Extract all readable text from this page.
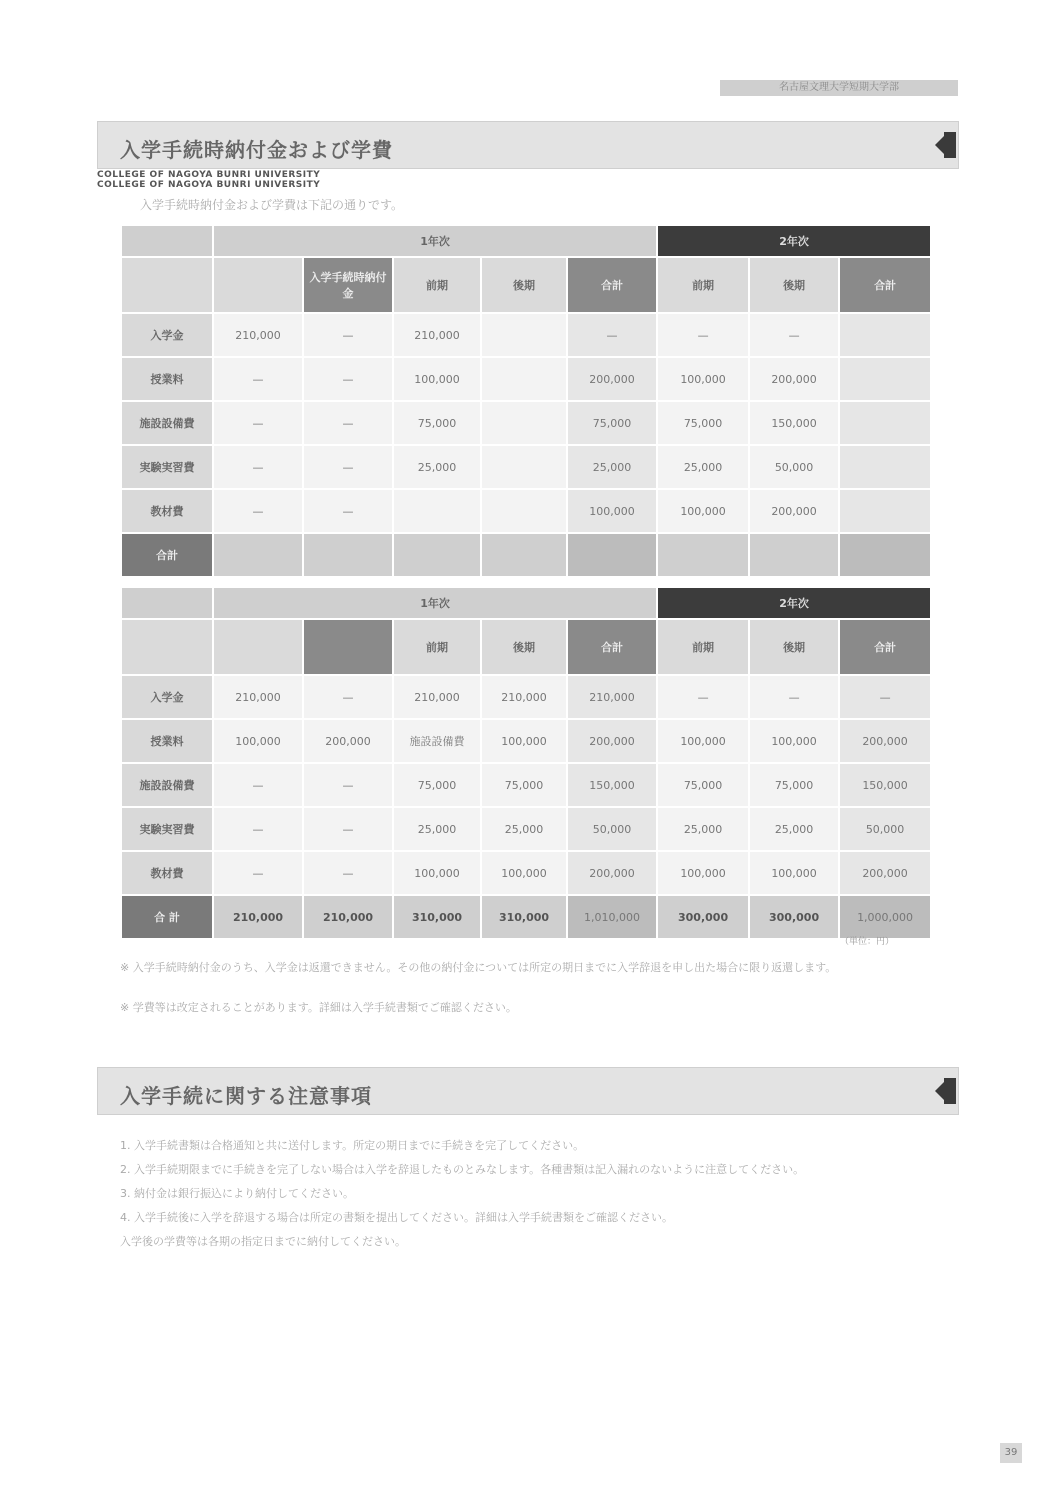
名古屋文理大学短期大学部
入学手続時納付金および学費
COLLEGE OF NAGOYA BUNRI UNIVERSITY
COLLEGE OF NAGOYA BUNRI UNIVERSITY
入学手続時納付金および学費は下記の通りです。
	1年次					2年次		
		入学手続時納付金	前期	後期	合計	前期	後期	合計
入学金	210,000	—	210,000		—	—	—	
授業料	—	—	100,000		200,000	100,000	200,000	
施設設備費	—	—	75,000		75,000	75,000	150,000	
実験実習費	—	—	25,000		25,000	25,000	50,000	
教材費	—	—			100,000	100,000	200,000	
合計								
	1年次					2年次		
			前期	後期	合計	前期	後期	合計
入学金	210,000	—	210,000	210,000	210,000	—	—	—
授業料	100,000	200,000	施設設備費	100,000	200,000	100,000	100,000	200,000
施設設備費	—	—	75,000	75,000	150,000	75,000	75,000	150,000
実験実習費	—	—	25,000	25,000	50,000	25,000	25,000	50,000
教材費	—	—	100,000	100,000	200,000	100,000	100,000	200,000
合 計	210,000	210,000	310,000	310,000	1,010,000	300,000	300,000	1,000,000
（単位：円）
※ 入学手続時納付金のうち、入学金は返還できません。その他の納付金については所定の期日までに入学辞退を申し出た場合に限り返還します。
※ 学費等は改定されることがあります。詳細は入学手続書類でご確認ください。
入学手続に関する注意事項
1. 入学手続書類は合格通知と共に送付します。所定の期日までに手続きを完了してください。
2. 入学手続期限までに手続きを完了しない場合は入学を辞退したものとみなします。各種書類は記入漏れのないように注意してください。
3. 納付金は銀行振込により納付してください。
4. 入学手続後に入学を辞退する場合は所定の書類を提出してください。詳細は入学手続書類をご確認ください。
入学後の学費等は各期の指定日までに納付してください。
39
